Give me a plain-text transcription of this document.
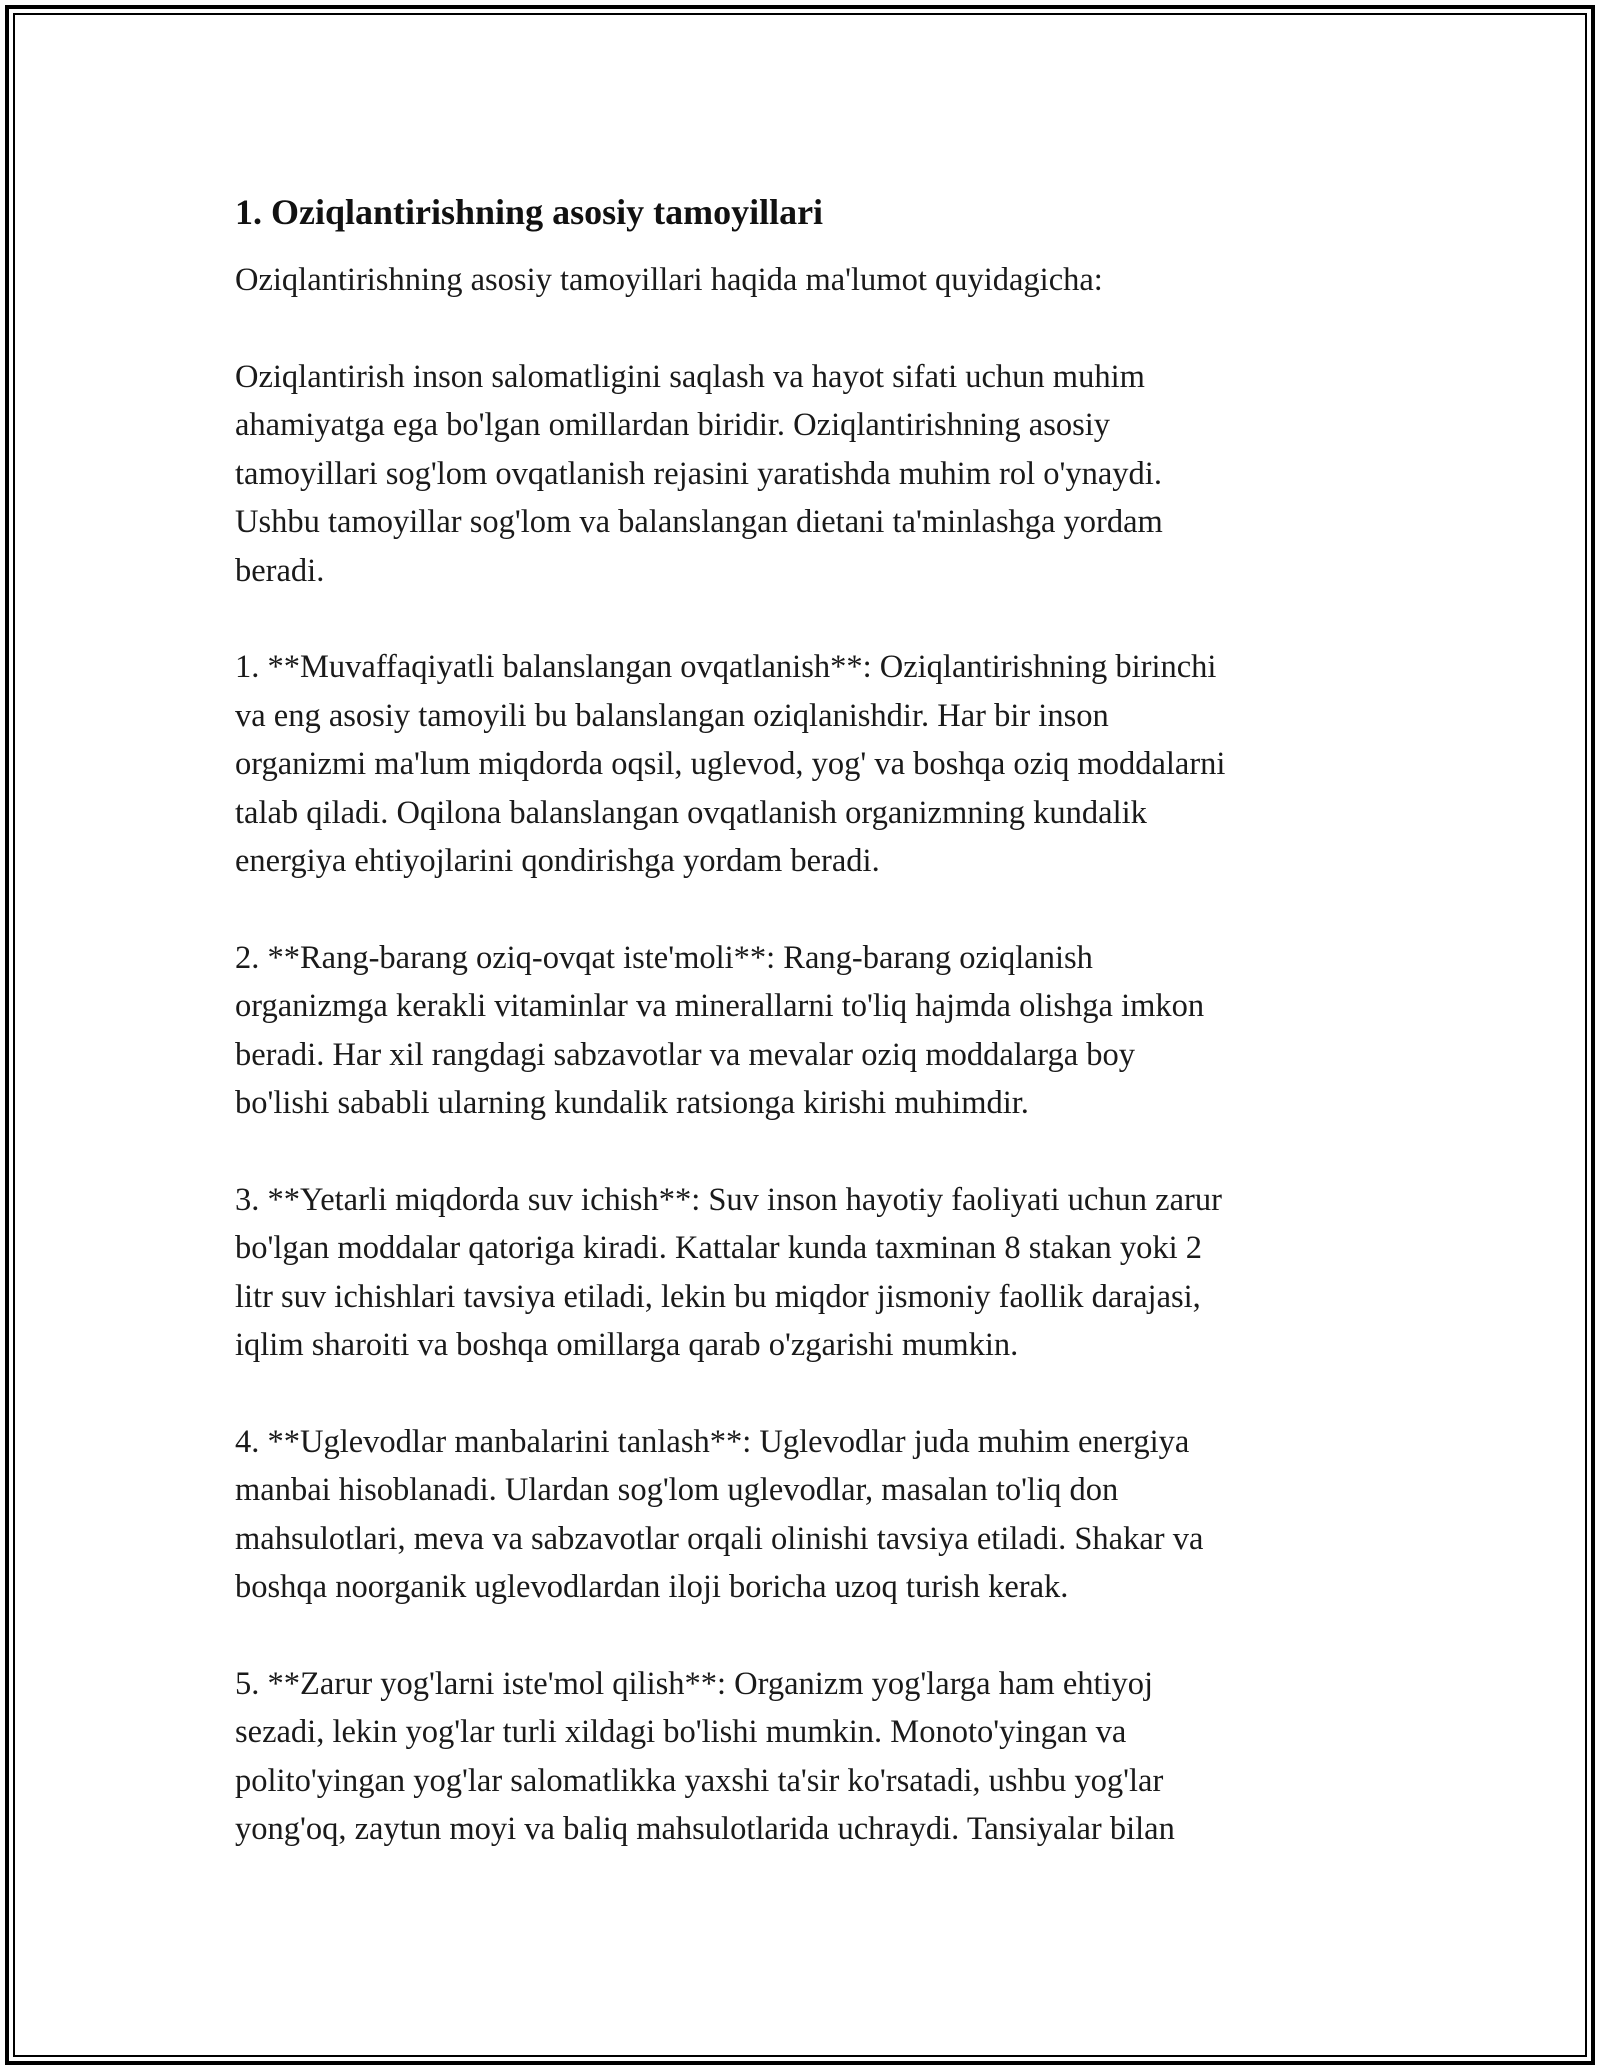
1. Oziqlantirishning asosiy tamoyillari
Oziqlantirishning asosiy tamoyillari haqida ma'lumot quyidagicha:
Oziqlantirish inson salomatligini saqlash va hayot sifati uchun muhim
ahamiyatga ega bo'lgan omillardan biridir. Oziqlantirishning asosiy
tamoyillari sog'lom ovqatlanish rejasini yaratishda muhim rol o'ynaydi.
Ushbu tamoyillar sog'lom va balanslangan dietani ta'minlashga yordam
beradi.
1. **Muvaffaqiyatli balanslangan ovqatlanish**: Oziqlantirishning birinchi
va eng asosiy tamoyili bu balanslangan oziqlanishdir. Har bir inson
organizmi ma'lum miqdorda oqsil, uglevod, yog' va boshqa oziq moddalarni
talab qiladi. Oqilona balanslangan ovqatlanish organizmning kundalik
energiya ehtiyojlarini qondirishga yordam beradi.
2. **Rang-barang oziq-ovqat iste'moli**: Rang-barang oziqlanish
organizmga kerakli vitaminlar va minerallarni to'liq hajmda olishga imkon
beradi. Har xil rangdagi sabzavotlar va mevalar oziq moddalarga boy
bo'lishi sababli ularning kundalik ratsionga kirishi muhimdir.
3. **Yetarli miqdorda suv ichish**: Suv inson hayotiy faoliyati uchun zarur
bo'lgan moddalar qatoriga kiradi. Kattalar kunda taxminan 8 stakan yoki 2
litr suv ichishlari tavsiya etiladi, lekin bu miqdor jismoniy faollik darajasi,
iqlim sharoiti va boshqa omillarga qarab o'zgarishi mumkin.
4. **Uglevodlar manbalarini tanlash**: Uglevodlar juda muhim energiya
manbai hisoblanadi. Ulardan sog'lom uglevodlar, masalan to'liq don
mahsulotlari, meva va sabzavotlar orqali olinishi tavsiya etiladi. Shakar va
boshqa noorganik uglevodlardan iloji boricha uzoq turish kerak.
5. **Zarur yog'larni iste'mol qilish**: Organizm yog'larga ham ehtiyoj
sezadi, lekin yog'lar turli xildagi bo'lishi mumkin. Monoto'yingan va
polito'yingan yog'lar salomatlikka yaxshi ta'sir ko'rsatadi, ushbu yog'lar
yong'oq, zaytun moyi va baliq mahsulotlarida uchraydi. Tansiyalar bilan
